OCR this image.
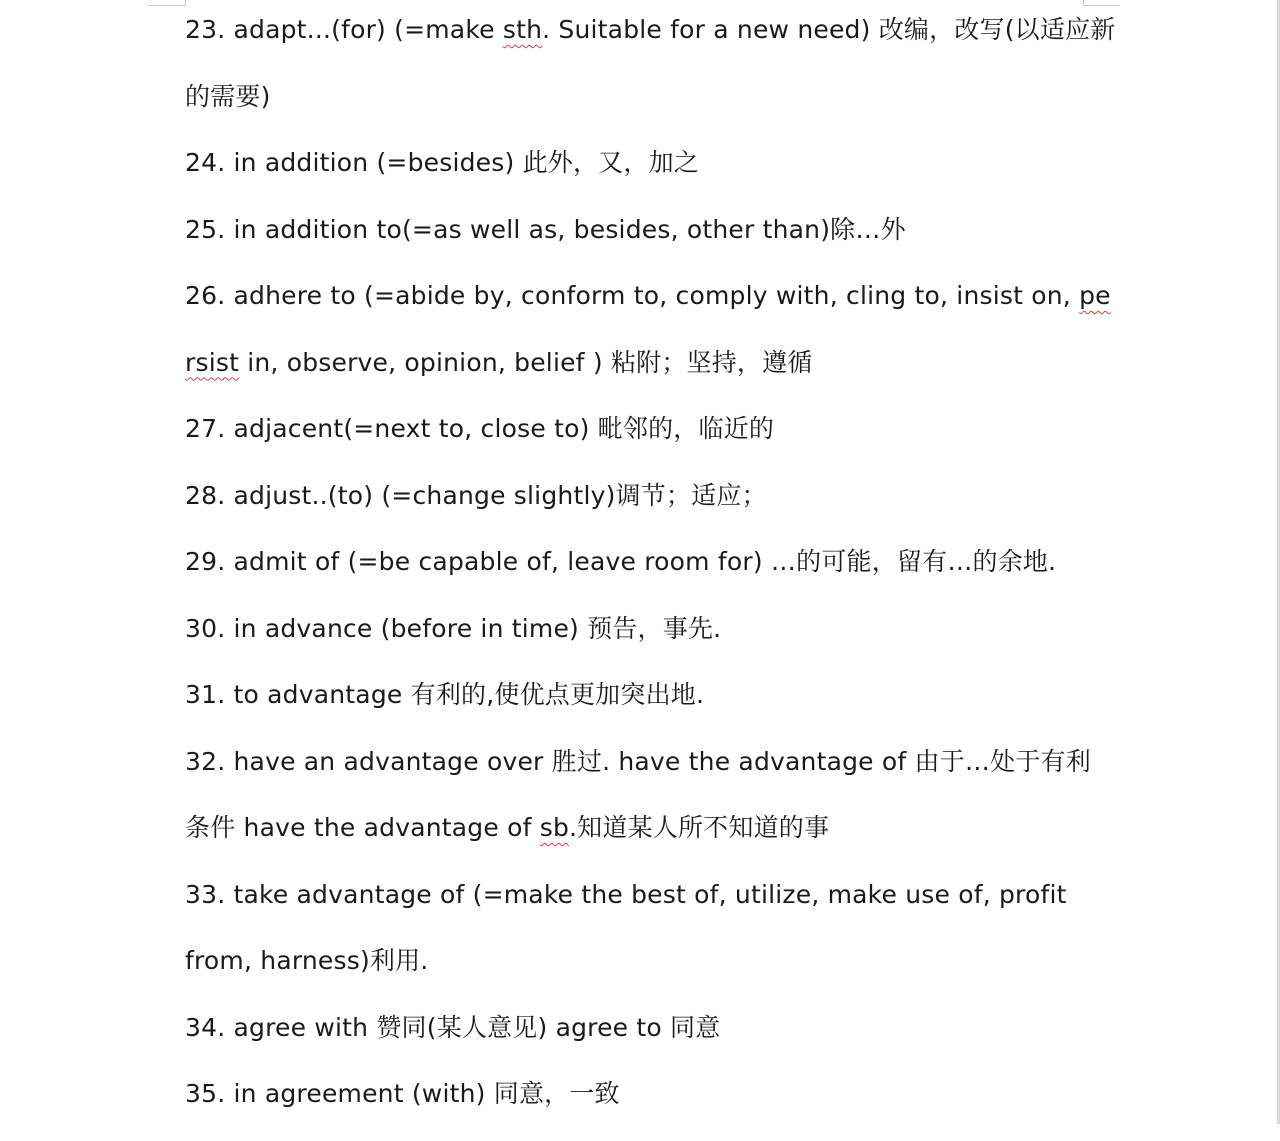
23. adapt...(for) (=make sth. Suitable for a new need) 改编，改写(以适应新
的需要)
24. in addition (=besides) 此外，又，加之
25. in addition to(=as well as, besides, other than)除…外
26. adhere to (=abide by, conform to, comply with, cling to, insist on, pe
rsist in, observe, opinion, belief ) 粘附；坚持，遵循
27. adjacent(=next to, close to) 毗邻的，临近的
28. adjust..(to) (=change slightly)调节；适应；
29. admit of (=be capable of, leave room for) …的可能，留有…的余地.
30. in advance (before in time) 预告，事先.
31. to advantage 有利的,使优点更加突出地.
32. have an advantage over 胜过. have the advantage of 由于…处于有利
条件 have the advantage of sb.知道某人所不知道的事
33. take advantage of (=make the best of, utilize, make use of, profit
from, harness)利用.
34. agree with 赞同(某人意见) agree to 同意
35. in agreement (with) 同意，一致
